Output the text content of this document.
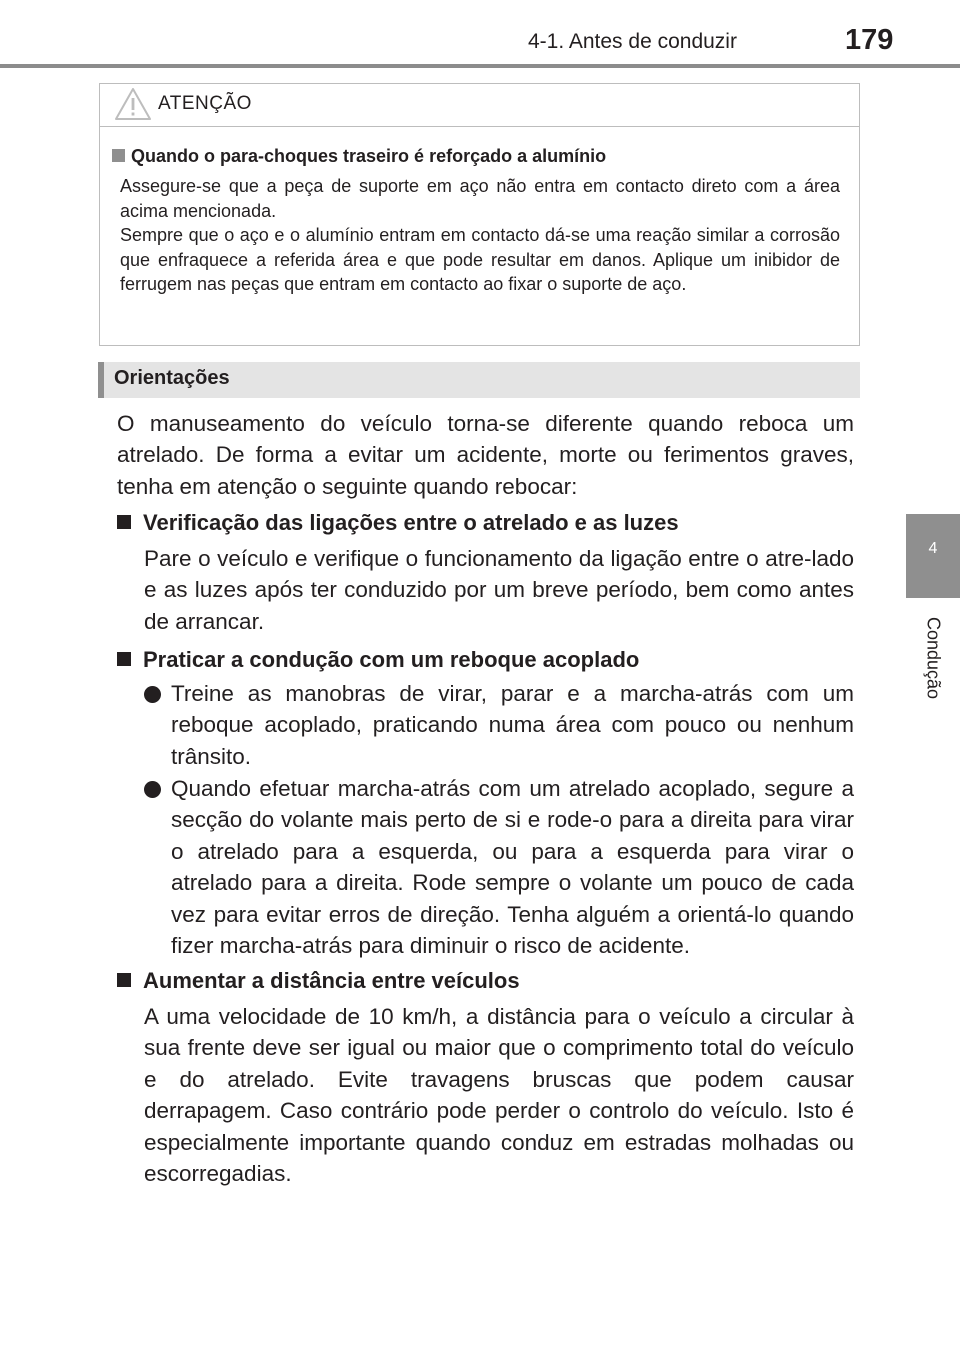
4-1. Antes de conduzir	179
4
Condução
ATENÇÃO
Quando o para-choques traseiro é reforçado a alumínio

Assegure-se que a peça de suporte em aço não entra em contacto direto com a área acima mencionada.

Sempre que o aço e o alumínio entram em contacto dá-se uma reação similar a corrosão que enfraquece a referida área e que pode resultar em danos. Aplique um inibidor de ferrugem nas peças que entram em contacto ao fixar o suporte de aço.

Orientações

O manuseamento do veículo torna-se diferente quando reboca um atrelado. De forma a evitar um acidente, morte ou ferimentos graves, tenha em atenção o seguinte quando rebocar:

Verificação das ligações entre o atrelado e as luzes

Pare o veículo e verifique o funcionamento da ligação entre o atre-lado e as luzes após ter conduzido por um breve período, bem como antes de arrancar.

Praticar a condução com um reboque acoplado

Treine as manobras de virar, parar e a marcha-atrás com um reboque acoplado, praticando numa área com pouco ou nenhum trânsito.

Quando efetuar marcha-atrás com um atrelado acoplado, segure a secção do volante mais perto de si e rode-o para a direita para virar o atrelado para a esquerda, ou para a esquerda para virar o atrelado para a direita. Rode sempre o volante um pouco de cada vez para evitar erros de direção. Tenha alguém a orientá-lo quando fizer marcha-atrás para diminuir o risco de acidente.

Aumentar a distância entre veículos

A uma velocidade de 10 km/h, a distância para o veículo a circular à sua frente deve ser igual ou maior que o comprimento total do veículo e do atrelado. Evite travagens bruscas que podem causar derrapagem. Caso contrário pode perder o controlo do veículo. Isto é especialmente importante quando conduz em estradas molhadas ou escorregadias.
